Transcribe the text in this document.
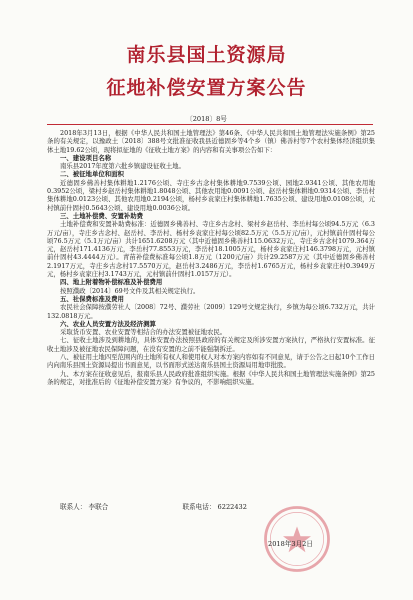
南乐县国土资源局
征地补偿安置方案公告
〔2018〕8号

2018年3月13日，根据《中华人民共和国土地管理法》第46条、《中华人民共和国土地管理法实施条例》第25条的有关规定，以豫政土〔2018〕388号文批准征收我县近德固乡等4个乡（镇）佛善村等7个农村集体经济组织集体土地19.62公顷，现将拟征地的《征收土地方案》的内容和有关事项公告如下：

一、建设项目名称

南乐县2017年度第六批乡镇建设征收土地。

二、被征地单位和面积

近德固乡佛善村集体耕地1.2176公顷、寺庄乡古念村集体耕地9.7539公顷、园地2.9341公顷、其他农用地0.3952公顷，梁村乡赵岳村集体耕地1.8048公顷、其他农用地0.0091公顷、赵岳村集体耕地0.9314公顷、李岳村集体耕地0.0123公顷、其他农用地0.2194公顷，杨村乡袁家庄村集体耕地1.7635公顷、建设用地0.0108公顷，元村镇前什固村0.5643公顷、建设用地0.0036公顷。

三、土地补偿费、安置补助费

土地补偿费和安置补助费标准：近德固乡佛善村、寺庄乡古念村、梁村乡赵岳村、李岳村每公顷94.5万元（6.3万元/亩），寺庄乡古念村、赵岳村、李岳村、杨村乡袁家庄村每公顷82.5万元（5.5万元/亩），元村镇前什固村每公顷76.5万元（5.1万元/亩）共计1651.6208万元（其中近德固乡佛善村115.0632万元，寺庄乡古念村1079.364万元，赵岳村171.4136万元，李岳村77.8553万元，李岳村18.1005万元，杨村乡袁家庄村146.3798万元，元村镇前什固村43.4444万元）。青苗补偿费标准每公顷1.8万元（1200元/亩）共计29.2587万元（其中近德固乡佛善村2.1917万元，寺庄乡古念村17.5570万元，赵岳村3.2486万元，李岳村1.6765万元，杨村乡袁家庄村0.3949万元，杨村乡袁家庄村3.1743万元，元村镇前什固村1.0157万元）。

四、地上附着物补偿标准及补偿费用

按照濮政〔2014〕69号文件及其相关规定执行。

五、社保费标准及费用

农民社会保障按濮劳社人〔2008〕72号、濮劳社〔2009〕129号文规定执行，乡镇为每公顷6.732万元，共计132.0818万元。

六、农业人员安置方法及经济测算

采取货币安置、农业安置等相结合的办法安置被征地农民。

七、征收土地涉及到耕地的，具体安置办法按照县政府的有关规定及所涉安置方案执行，严格执行安置标准。征收土地涉及被征地农民保障问题，在没有安置的之前不能强制拆迁。

八、被征用土地四至范围内的土地所有权人和使用权人对本方案内容如有不同意见，请于公告之日起10个工作日内向南乐县国土资源局提出书面意见，以书面形式送达南乐县国土资源局用地审批股。

九、本方案在征收意见后，报南乐县人民政府批准组织实施。根据《中华人民共和国土地管理法实施条例》第25条的规定，对批准后的《征地补偿安置方案》有争议的，不影响组织实施。

联系人： 李联合	联系电话： 6222432
2018年3月2日
